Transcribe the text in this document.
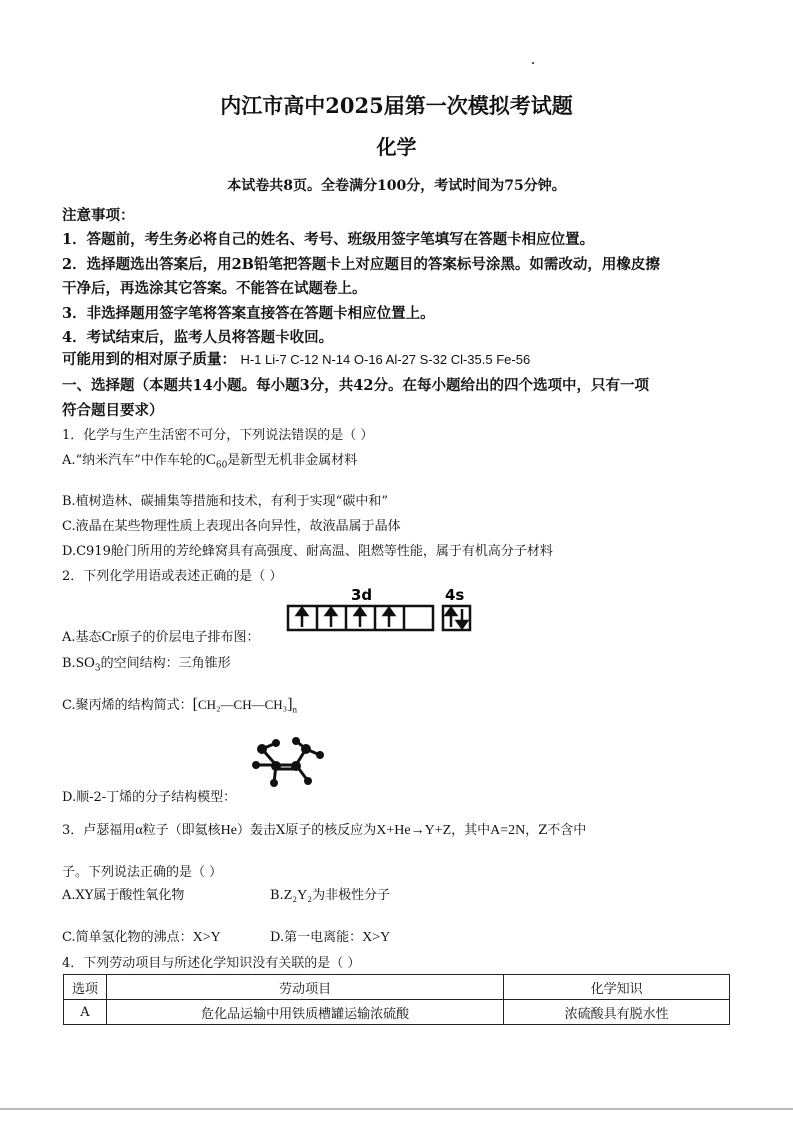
内江市高中2025届第一次模拟考试题
化学
本试卷共8页。全卷满分100分，考试时间为75分钟。
注意事项：
1．答题前，考生务必将自己的姓名、考号、班级用签字笔填写在答题卡相应位置。
2．选择题选出答案后，用2B铅笔把答题卡上对应题目的答案标号涂黑。如需改动，用橡皮擦
干净后，再选涂其它答案。不能答在试题卷上。
3．非选择题用签字笔将答案直接答在答题卡相应位置上。
4．考试结束后，监考人员将答题卡收回。
可能用到的相对原子质量： H-1 Li-7 C-12 N-14 O-16 Al-27 S-32 Cl-35.5 Fe-56
一、选择题（本题共14小题。每小题3分，共42分。在每小题给出的四个选项中，只有一项
符合题目要求）
1．化学与生产生活密不可分，下列说法错误的是（ ）
A.“纳米汽车”中作车轮的$C_{60}$是新型无机非金属材料
B.植树造林、碳捕集等措施和技术，有利于实现“碳中和”
C.液晶在某些物理性质上表现出各向异性，故液晶属于晶体
D.C919舱门所用的芳纶蜂窝具有高强度、耐高温、阻燃等性能，属于有机高分子材料
2．下列化学用语或表述正确的是（ ）
A.基态Cr原子的价层电子排布图：
3d	4s
$B.SO_3$的空间结构：三角锥形
C.聚丙烯的结构简式：$[CH_2—CH—CH_3]_n$
D.顺-2-丁烯的分子结构模型：
3．卢瑟福用α粒子（即氦核He）轰击X原子的核反应为X+He→Y+Z，其中A=2N，Z不含中
子。下列说法正确的是（ ）
A.XY属于酸性氧化物	B.Z₂Y₂为非极性分子
C.简单氢化物的沸点：X>Y	D.第一电离能：X>Y
4．下列劳动项目与所述化学知识没有关联的是（ ）
选项	劳动项目	化学知识
A	危化品运输中用铁质槽罐运输浓硫酸	浓硫酸具有脱水性
